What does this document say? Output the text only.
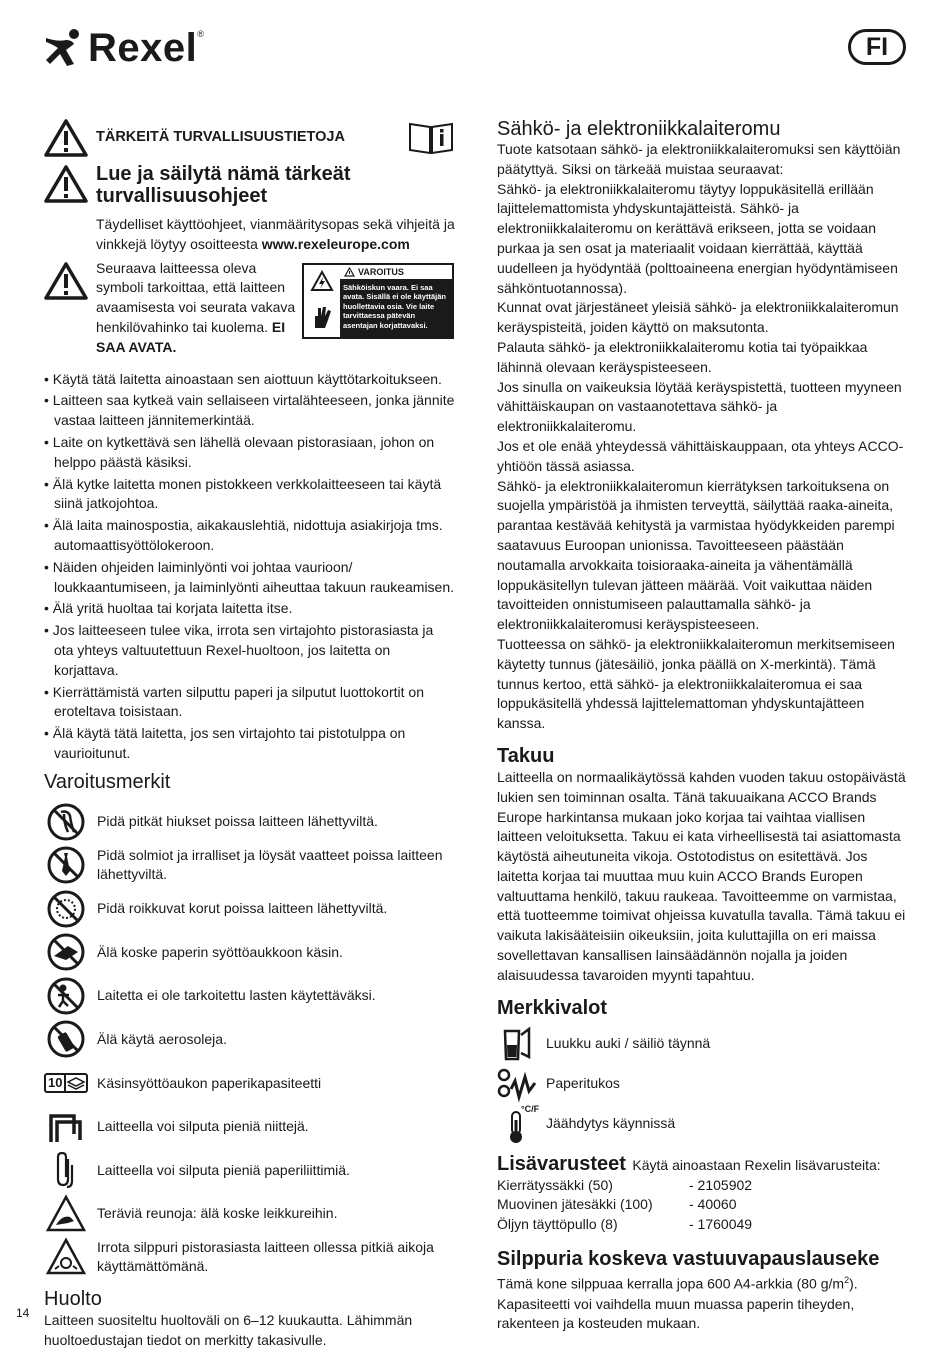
Rexel ®	FI
TÄRKEITÄ TURVALLISUUSTIETOJA
Lue ja säilytä nämä tärkeät turvallisuusohjeet
Täydelliset käyttöohjeet, vianmääritysopas sekä vihjeitä ja vinkkejä löytyy osoitteesta www.rexeleurope.com
Seuraava laitteessa oleva symboli tarkoittaa, että laitteen avaamisesta voi seurata vakava henkilövahinko tai kuolema. EI SAA AVATA.
VAROITUS
Sähköiskun vaara. Ei saa avata. Sisällä ei ole käyttäjän huollettavia osia. Vie laite tarvittaessa pätevän asentajan korjattavaksi.
• Käytä tätä laitetta ainoastaan sen aiottuun käyttötarkoitukseen.
• Laitteen saa kytkeä vain sellaiseen virtalähteeseen, jonka jännite vastaa laitteen jännitemerkintää.
• Laite on kytkettävä sen lähellä olevaan pistorasiaan, johon on helppo päästä käsiksi.
• Älä kytke laitetta monen pistokkeen verkkolaitteeseen tai käytä siinä jatkojohtoa.
• Älä laita mainospostia, aikakauslehtiä, nidottuja asiakirjoja tms. automaattisyöttölokeroon.
• Näiden ohjeiden laiminlyönti voi johtaa vaurioon/ loukkaantumiseen, ja laiminlyönti aiheuttaa takuun raukeamisen.
• Älä yritä huoltaa tai korjata laitetta itse.
• Jos laitteeseen tulee vika, irrota sen virtajohto pistorasiasta ja ota yhteys valtuutettuun Rexel-huoltoon, jos laitetta on korjattava.
• Kierrättämistä varten silputtu paperi ja silputut luottokortit on eroteltava toisistaan.
• Älä käytä tätä laitetta, jos sen virtajohto tai pistotulppa on vaurioitunut.
Varoitusmerkit
Pidä pitkät hiukset poissa laitteen lähettyviltä.
Pidä solmiot ja irralliset ja löysät vaatteet poissa laitteen lähettyviltä.
Pidä roikkuvat korut poissa laitteen lähettyviltä.
Älä koske paperin syöttöaukkoon käsin.
Laitetta ei ole tarkoitettu lasten käytettäväksi.
Älä käytä aerosoleja.
10 Käsinsyöttöaukon paperikapasiteetti
Laitteella voi silputa pieniä niittejä.
Laitteella voi silputa pieniä paperiliittimiä.
Teräviä reunoja: älä koske leikkureihin.
Irrota silppuri pistorasiasta laitteen ollessa pitkiä aikoja käyttämättömänä.
Huolto
Laitteen suositeltu huoltoväli on 6–12 kuukautta. Lähimmän huoltoedustajan tiedot on merkitty takasivulle.
14
Sähkö- ja elektroniikkalaiteromu
Tuote katsotaan sähkö- ja elektroniikkalaiteromuksi sen käyttöiän päätyttyä. Siksi on tärkeää muistaa seuraavat:
Sähkö- ja elektroniikkalaiteromu täytyy loppukäsitellä erillään lajittelemattomista yhdyskuntajätteistä. Sähkö- ja elektroniikkalaiteromu on kerättävä erikseen, jotta se voidaan purkaa ja sen osat ja materiaalit voidaan kierrättää, käyttää uudelleen ja hyödyntää (polttoaineena energian hyödyntämiseen sähköntuotannossa).
Kunnat ovat järjestäneet yleisiä sähkö- ja elektroniikkalaiteromun keräyspisteitä, joiden käyttö on maksutonta.
Palauta sähkö- ja elektroniikkalaiteromu kotia tai työpaikkaa lähinnä olevaan keräyspisteeseen.
Jos sinulla on vaikeuksia löytää keräyspistettä, tuotteen myyneen vähittäiskaupan on vastaanotettava sähkö- ja elektroniikkalaiteromu.
Jos et ole enää yhteydessä vähittäiskauppaan, ota yhteys ACCO-yhtiöön tässä asiassa.
Sähkö- ja elektroniikkalaiteromun kierrätyksen tarkoituksena on suojella ympäristöä ja ihmisten terveyttä, säilyttää raaka-aineita, parantaa kestävää kehitystä ja varmistaa hyödykkeiden parempi saatavuus Euroopan unionissa. Tavoitteeseen päästään noutamalla arvokkaita toisioraaka-aineita ja vähentämällä loppukäsitellyn tulevan jätteen määrää. Voit vaikuttaa näiden tavoitteiden onnistumiseen palauttamalla sähkö- ja elektroniikkalaiteromusi keräyspisteeseen.
Tuotteessa on sähkö- ja elektroniikkalaiteromun merkitsemiseen käytetty tunnus (jätesäiliö, jonka päällä on X-merkintä). Tämä tunnus kertoo, että sähkö- ja elektroniikkalaiteromua ei saa loppukäsitellä yhdessä lajittelemattoman yhdyskuntajätteen kanssa.
Takuu
Laitteella on normaalikäytössä kahden vuoden takuu ostopäivästä lukien sen toiminnan osalta. Tänä takuuaikana ACCO Brands Europe harkintansa mukaan joko korjaa tai vaihtaa viallisen laitteen veloituksetta. Takuu ei kata virheellisestä tai asiattomasta käytöstä aiheutuneita vikoja. Ostotodistus on esitettävä. Jos laitetta korjaa tai muuttaa muu kuin ACCO Brands Europen valtuuttama henkilö, takuu raukeaa. Tavoitteemme on varmistaa, että tuotteemme toimivat ohjeissa kuvatulla tavalla. Tämä takuu ei vaikuta lakisääteisiin oikeuksiin, joita kuluttajilla on eri maissa sovellettavan kansallisen lainsäädännön nojalla ja joiden alaisuudessa tavaroiden myynti tapahtuu.
Merkkivalot
Luukku auki / säiliö täynnä
Paperitukos
°C/F
Jäähdytys käynnissä
Lisävarusteet Käytä ainoastaan Rexelin lisävarusteita:
Kierrätyssäkki (50)	- 2105902
Muovinen jätesäkki (100)	- 40060
Öljyn täyttöpullo (8)	- 1760049
Silppuria koskeva vastuuvapauslauseke
Tämä kone silppuaa kerralla jopa 600 A4-arkkia (80 $g/m^2$). Kapasiteetti voi vaihdella muun muassa paperin tiheyden, rakenteen ja kosteuden mukaan.
